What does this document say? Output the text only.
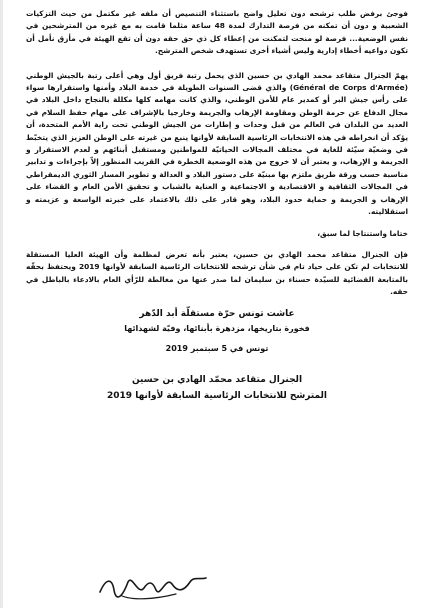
فوجئ برفض طلب ترشحه دون تعليل واضح باستثناء التنصيص أن ملفه غير مكتمل من حيث التزكيات الشعبية و دون أن تمكنه من فرصة التدارك لمدة 48 ساعة مثلما قامت به مع غيره من المترشحين في نفس الوضعية... فرصة لو منحت لتمكنت من إعطاء كل ذي حق حقه دون أن تقع الهيئة في مأزق نأمل أن تكون دواعيه أخطاء إدارية وليس أشياء أخرى تستهدف شخص المترشح.

يهمّ الجنرال متقاعد محمد الهادي بن حسين الذي يحمل رتبة فريق أول وهي أعلى رتبة بالجيش الوطني (Général de Corps d'Armée) والذي قضى السنوات الطويلة في خدمة البلاد وأمنها واستقرارها سواء على رأس جيش البر أو كمدير عام للأمن الوطني، والذي كانت مهامه كلها مكللة بالنجاح داخل البلاد في مجال الدفاع عن حرمة الوطن ومقاومة الإرهاب والجريمة وخارجيا بالإشراف على مهام حفظ السلام في العديد من البلدان في العالم من قبل وحدات و إطارات من الجيش الوطني تحت راية الأمم المتحدة، أن يؤكد أن انخراطه في هذه الانتخابات الرئاسية السابقة لأوانها ينبع من غيرته على الوطن العزيز الذي يتخبّط في وضعيّة سيّئة للغاية في مختلف المجالات الحياتيّة للمواطنين ومستقبل أبنائهم و لعدم الاستقرار و الجريمة و الإرهاب، و يعتبر أن لا خروج من هذه الوضعية الخطرة في القريب المنظور إلاّ بإجراءات و تدابير مناسبة حسب ورقة طريق ملتزم بها مبنيّة على دستور البلاد و العدالة و تطوير المسار الثوري الديمقراطي في المجالات الثقافية و الاقتصادية و الاجتماعية و العناية بالشباب و تحقيق الأمن العام و القضاء على الإرهاب و الجريمة و حماية حدود البلاد، وهو قادر على ذلك بالاعتماد على خبرته الواسعة و عزيمته و استقلاليته.

ختاما واستنتاجا لما سبق،

فإن الجنرال متقاعد محمد الهادي بن حسين، يعتبر بأنه تعرض لمظلمة وأن الهيئة العليا المستقلة للانتخابات لم تكن على حياد تام في شأن ترشحه للانتخابات الرئاسية السابقة لأوانها 2019 ويحتفظ بحقّه بالمتابعة القضائية للسيّدة حسناء بن سليمان لما صدر عنها من مغالطة للرّأي العام بالادعاء بالباطل في حقه.

عاشت تونس حرّة مستقلّة أبد الدّهر
فخورة بتاريخها، مزدهرة بأبنائها، وفيّة لشهدائها
تونس في 5 سبتمبر 2019
الجنرال متقاعد محمّد الهادي بن حسين
المترشح للانتخابات الرئاسية السابقة لأوانها 2019
